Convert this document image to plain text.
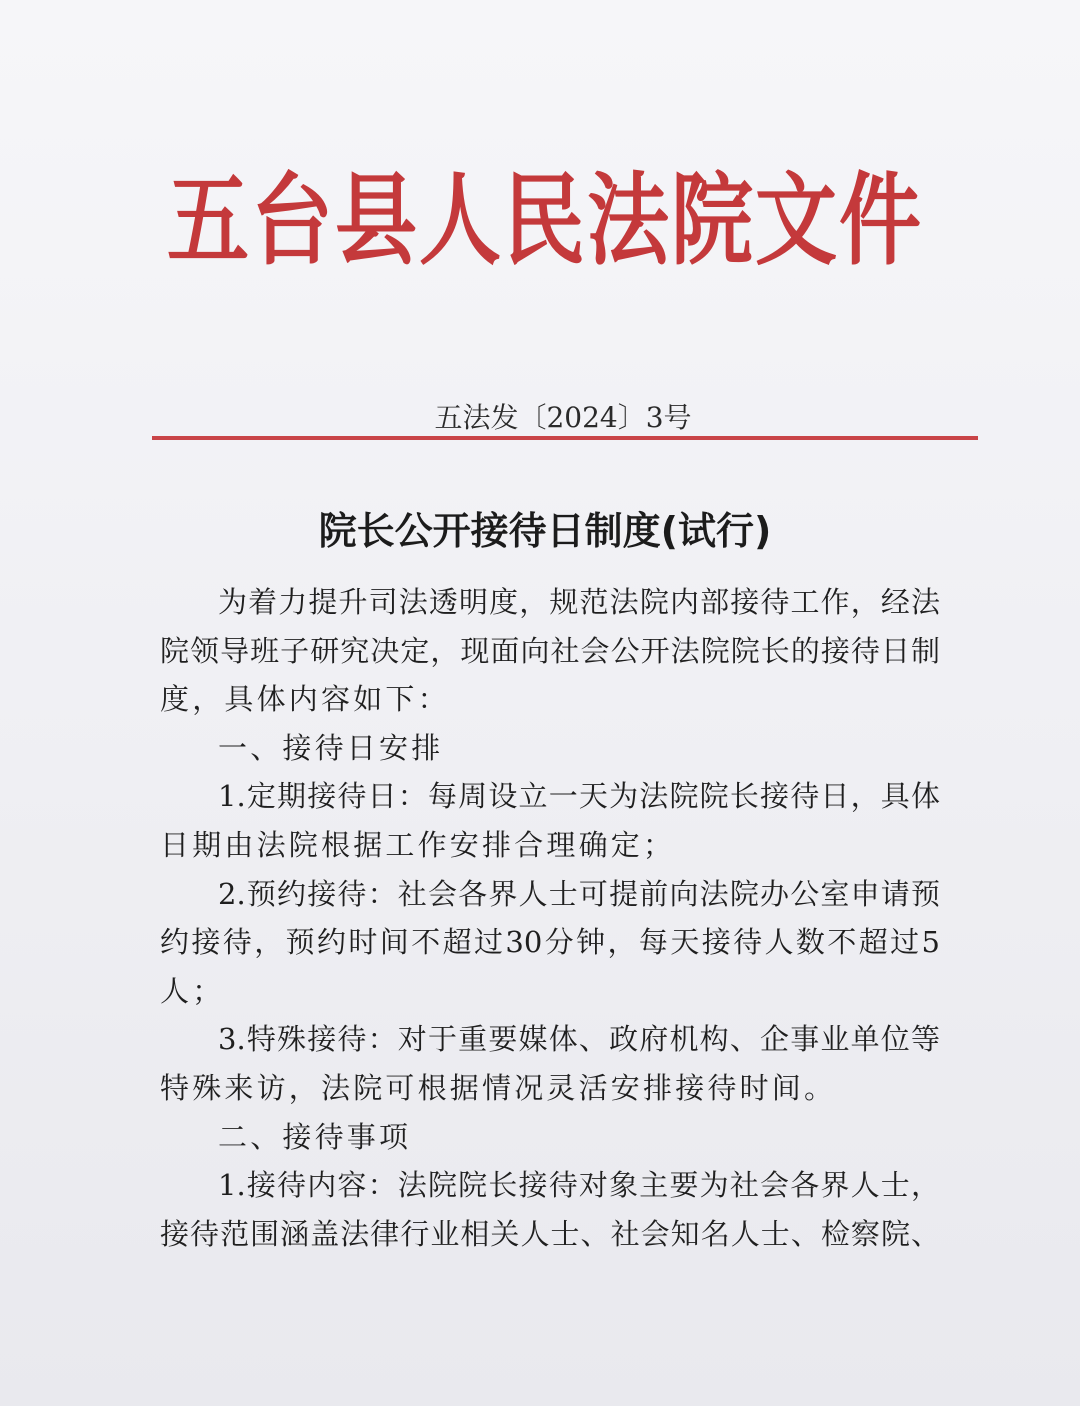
五台县人民法院文件
五法发〔2024〕3号
院长公开接待日制度(试行)
为着力提升司法透明度，规范法院内部接待工作，经法
院领导班子研究决定，现面向社会公开法院院长的接待日制
度，具体内容如下：
一、接待日安排
1.定期接待日：每周设立一天为法院院长接待日，具体
日期由法院根据工作安排合理确定；
2.预约接待：社会各界人士可提前向法院办公室申请预
约接待，预约时间不超过30分钟，每天接待人数不超过5
人；
3.特殊接待：对于重要媒体、政府机构、企事业单位等
特殊来访，法院可根据情况灵活安排接待时间。
二、接待事项
1.接待内容：法院院长接待对象主要为社会各界人士，
接待范围涵盖法律行业相关人士、社会知名人士、检察院、
